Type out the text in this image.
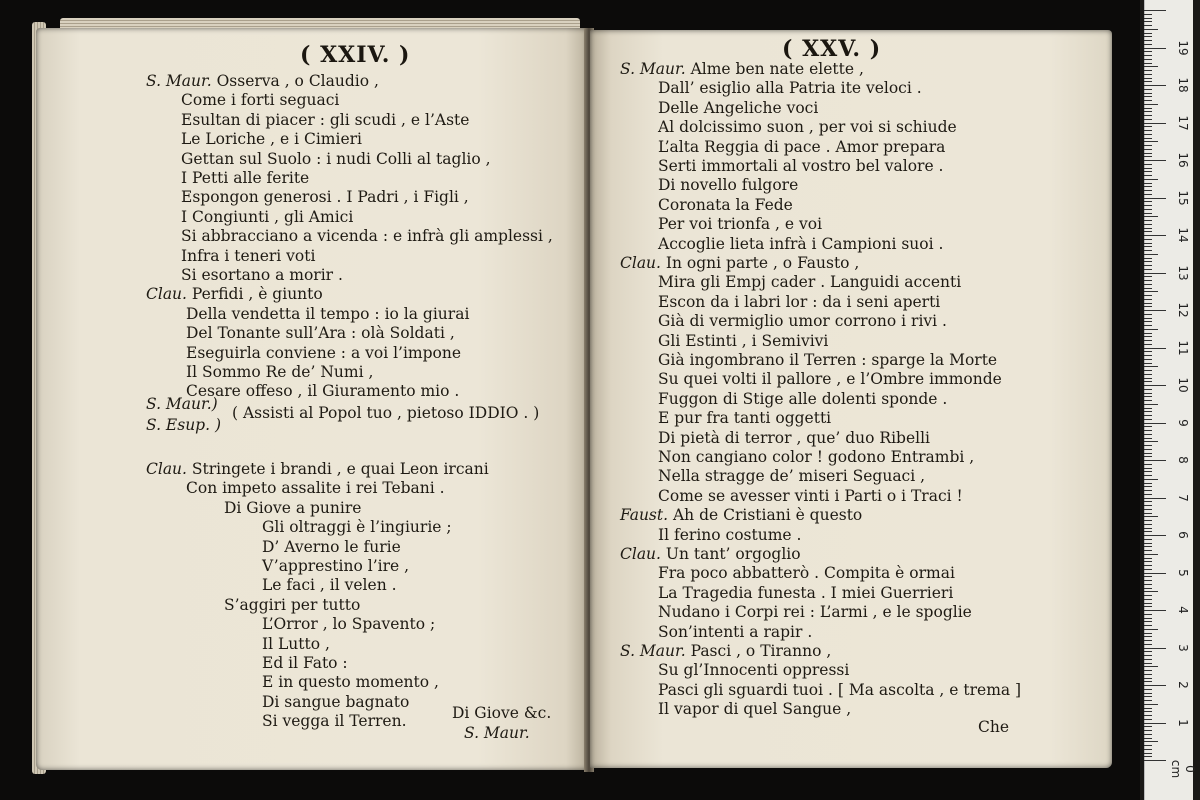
( XXIV. )
S. Maur. Osserva , o Claudio ,
Come i forti seguaci
Esultan di piacer : gli scudi , e l’Aste
Le Loriche , e i Cimieri
Gettan sul Suolo : i nudi Colli al taglio ,
I Petti alle ferite
Espongon generosi . I Padri , i Figli ,
I Congiunti , gli Amici
Si abbracciano a vicenda : e infrà gli amplessi ,
Infra i teneri voti
Si esortano a morir .
Clau. Perfidi , è giunto
Della vendetta il tempo : io la giurai
Del Tonante sull’Ara : olà Soldati ,
Eseguirla conviene : a voi l’impone
Il Sommo Re de’ Numi ,
Cesare offeso , il Giuramento mio .
S. Maur.) ( Assisti al Popol tuo , pietoso IDDIO . )
S. Esup. )
Clau. Stringete i brandi , e quai Leon ircani
Con impeto assalite i rei Tebani .
Di Giove a punire
Gli oltraggi è l’ingiurie ;
D’ Averno le furie
V’apprestino l’ire ,
Le faci , il velen .
S’aggiri per tutto
L’Orror , lo Spavento ;
Il Lutto ,
Ed il Fato :
E in questo momento ,
Di sangue bagnato
Si vegga il Terren.	Di Giove &c.
S. Maur.
( XXV. )
S. Maur. Alme ben nate elette ,
Dall’ esiglio alla Patria ite veloci .
Delle Angeliche voci
Al dolcissimo suon , per voi si schiude
L’alta Reggia di pace . Amor prepara
Serti immortali al vostro bel valore .
Di novello fulgore
Coronata la Fede
Per voi trionfa , e voi
Accoglie lieta infrà i Campioni suoi .
Clau. In ogni parte , o Fausto ,
Mira gli Empj cader . Languidi accenti
Escon da i labri lor : da i seni aperti
Già di vermiglio umor corrono i rivi .
Gli Estinti , i Semivivi
Già ingombrano il Terren : sparge la Morte
Su quei volti il pallore , e l’Ombre immonde
Fuggon di Stige alle dolenti sponde .
E pur fra tanti oggetti
Di pietà di terror , que’ duo Ribelli
Non cangiano color ! godono Entrambi ,
Nella stragge de’ miseri Seguaci ,
Come se avesser vinti i Parti o i Traci !
Faust. Ah de Cristiani è questo
Il ferino costume .
Clau. Un tant’ orgoglio
Fra poco abbatterò . Compita è ormai
La Tragedia funesta . I miei Guerrieri
Nudano i Corpi rei : L’armi , e le spoglie
Son’intenti a rapir .
S. Maur. Pasci , o Tiranno ,
Su gl’Innocenti oppressi
Pasci gli sguardi tuoi . [ Ma ascolta , e trema ]
Il vapor di quel Sangue ,
Che	1
2
3
4
5
6
7
8
9
10
11
12
13
14
15
16
17
18
19
0 cm
